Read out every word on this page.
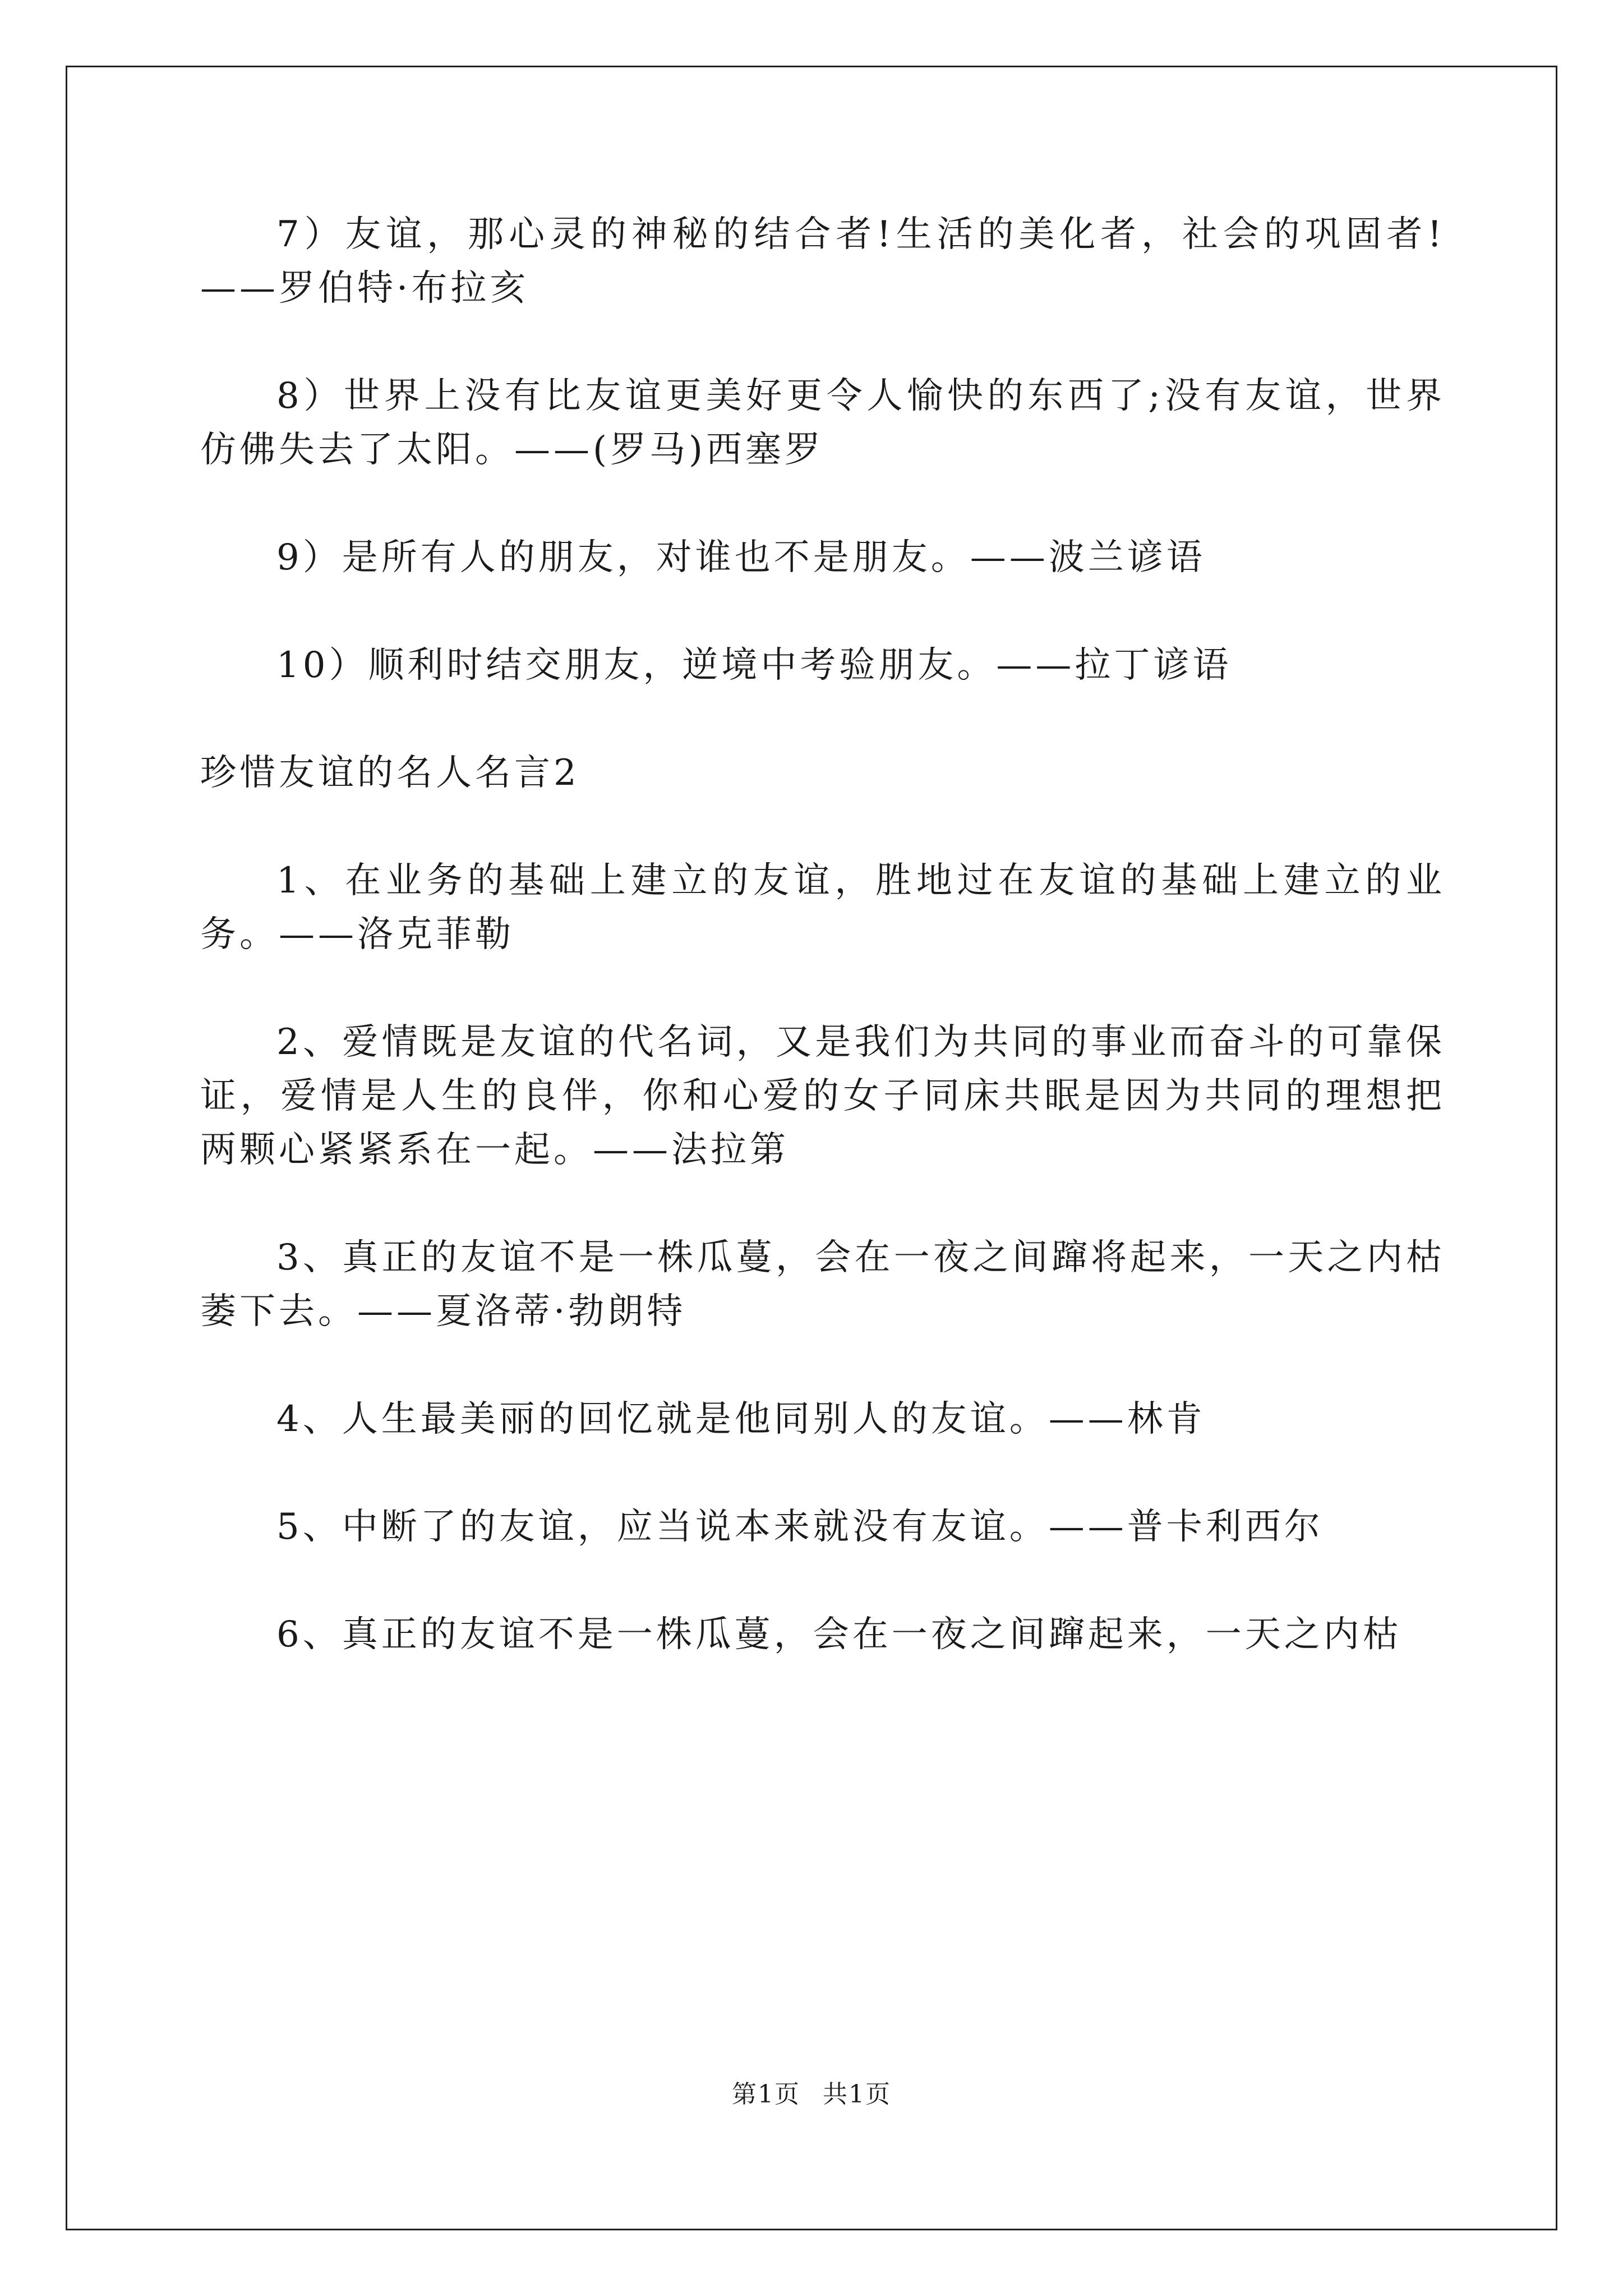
7）友谊，那心灵的神秘的结合者!生活的美化者，社会的巩固者!——罗伯特·布拉亥

8）世界上没有比友谊更美好更令人愉快的东西了;没有友谊，世界仿佛失去了太阳。——(罗马)西塞罗

9）是所有人的朋友，对谁也不是朋友。——波兰谚语

10）顺利时结交朋友，逆境中考验朋友。——拉丁谚语

珍惜友谊的名人名言2

1、在业务的基础上建立的友谊，胜地过在友谊的基础上建立的业务。——洛克菲勒

2、爱情既是友谊的代名词，又是我们为共同的事业而奋斗的可靠保证，爱情是人生的良伴，你和心爱的女子同床共眠是因为共同的理想把两颗心紧紧系在一起。——法拉第

3、真正的友谊不是一株瓜蔓，会在一夜之间蹿将起来，一天之内枯萎下去。——夏洛蒂·勃朗特

4、人生最美丽的回忆就是他同别人的友谊。——林肯

5、中断了的友谊，应当说本来就没有友谊。——普卡利西尔

6、真正的友谊不是一株瓜蔓，会在一夜之间蹿起来，一天之内枯

第1页 共1页
